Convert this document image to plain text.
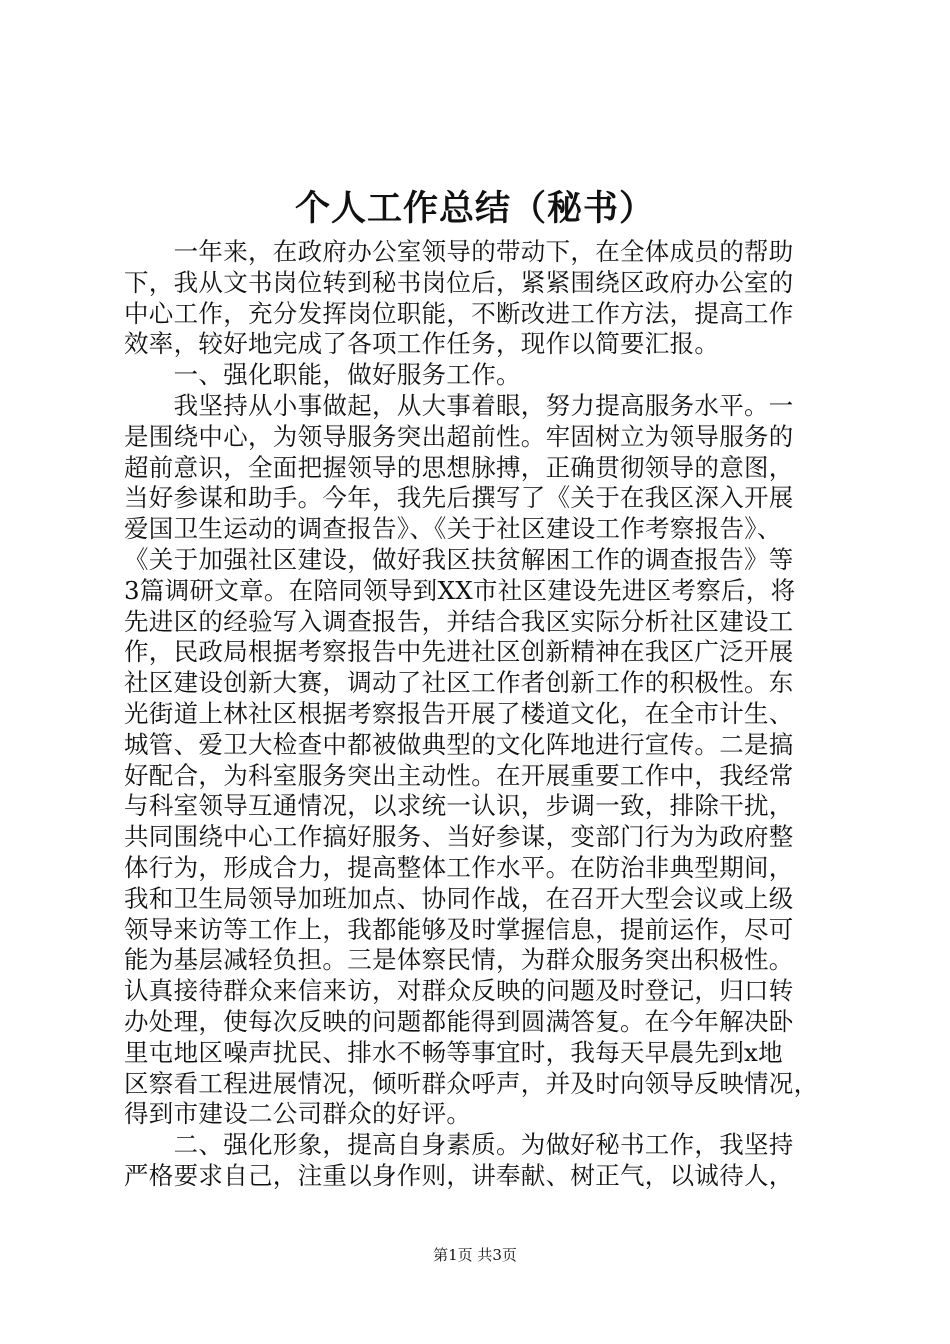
个人工作总结（秘书）
　　一年来，在政府办公室领导的带动下，在全体成员的帮助
下，我从文书岗位转到秘书岗位后，紧紧围绕区政府办公室的
中心工作，充分发挥岗位职能，不断改进工作方法，提高工作
效率，较好地完成了各项工作任务，现作以简要汇报。
　　一、强化职能，做好服务工作。
　　我坚持从小事做起，从大事着眼，努力提高服务水平。一
是围绕中心，为领导服务突出超前性。牢固树立为领导服务的
超前意识，全面把握领导的思想脉搏，正确贯彻领导的意图，
当好参谋和助手。今年，我先后撰写了《关于在我区深入开展
爱国卫生运动的调查报告》、《关于社区建设工作考察报告》、
《关于加强社区建设，做好我区扶贫解困工作的调查报告》等
3篇调研文章。在陪同领导到XX市社区建设先进区考察后，将
先进区的经验写入调查报告，并结合我区实际分析社区建设工
作，民政局根据考察报告中先进社区创新精神在我区广泛开展
社区建设创新大赛，调动了社区工作者创新工作的积极性。东
光街道上林社区根据考察报告开展了楼道文化，在全市计生、
城管、爱卫大检查中都被做典型的文化阵地进行宣传。二是搞
好配合，为科室服务突出主动性。在开展重要工作中，我经常
与科室领导互通情况，以求统一认识，步调一致，排除干扰，
共同围绕中心工作搞好服务、当好参谋，变部门行为为政府整
体行为，形成合力，提高整体工作水平。在防治非典型期间，
我和卫生局领导加班加点、协同作战，在召开大型会议或上级
领导来访等工作上，我都能够及时掌握信息，提前运作，尽可
能为基层减轻负担。三是体察民情，为群众服务突出积极性。
认真接待群众来信来访，对群众反映的问题及时登记，归口转
办处理，使每次反映的问题都能得到圆满答复。在今年解决卧
里屯地区噪声扰民、排水不畅等事宜时，我每天早晨先到x地
区察看工程进展情况，倾听群众呼声，并及时向领导反映情况，
得到市建设二公司群众的好评。
　　二、强化形象，提高自身素质。为做好秘书工作，我坚持
严格要求自己，注重以身作则，讲奉献、树正气，以诚待人，
第1页 共3页
